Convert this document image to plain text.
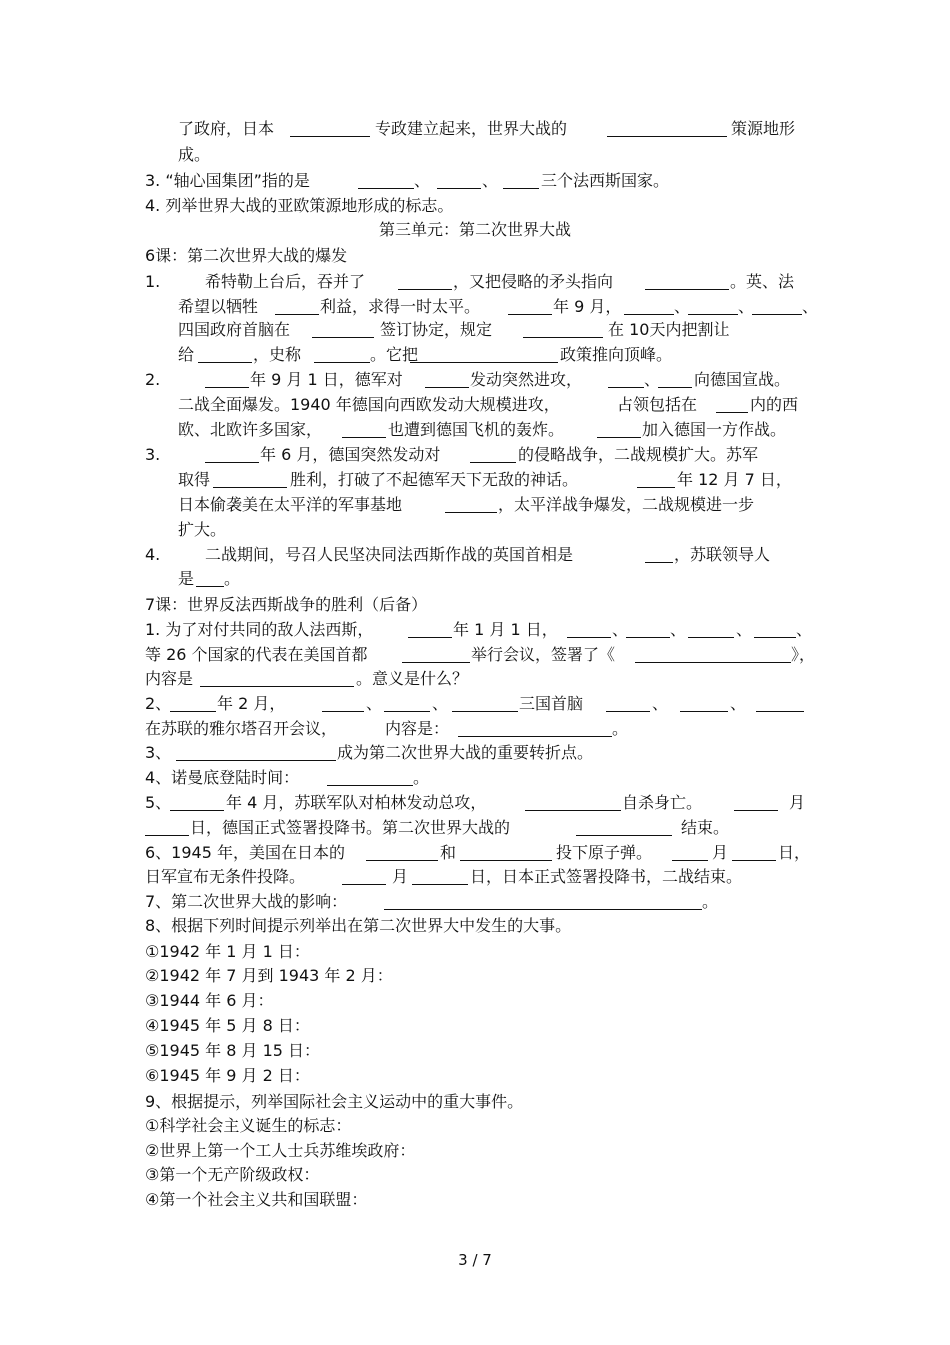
了政府，日本

	专政建立起来，世界大战的

	策源地形

成。

3. “轴心国集团”指的是

	、

	、

	三个法西斯国家。

4. 列举世界大战的亚欧策源地形成的标志。

第三单元：第二次世界大战

6课：第二次世界大战的爆发

1.

	希特勒上台后，吞并了

	，又把侵略的矛头指向

	。英、法

希望以牺牲

	利益，求得一时太平。

	年 9 月，

	、

	、

	、

四国政府首脑在

	签订协定，规定

	在 10天内把割让

给

	，史称

	。它把

	政策推向顶峰。

2.

	年 9 月 1 日，德军对

	发动突然进攻，

	、

向德国宣战。

二战全面爆发。1940 年德国向西欧发动大规模进攻，

	占领包括在

	内的西

欧、北欧许多国家，

	也遭到德国飞机的轰炸。

	加入德国一方作战。

3.

	年 6 月，德国突然发动对

	的侵略战争，二战规模扩大。苏军

取得

	胜利，打破了不起德军天下无敌的神话。

	年 12 月 7 日，

日本偷袭美在太平洋的军事基地

	，太平洋战争爆发，二战规模进一步

扩大。

4.

	二战期间，号召人民坚决同法西斯作战的英国首相是

	，苏联领导人

是

。

7课：世界反法西斯战争的胜利（后备）

1. 为了对付共同的敌人法西斯，

	年 1 月 1 日，

	、

	、

	、

	、

等 26 个国家的代表在美国首都

	举行会议，签署了《

	》，

内容是

	。意义是什么？

2、

	年 2 月，

	、

	、

	三国首脑

	、

	、

在苏联的雅尔塔召开会议，

	内容是：

	。

3、

	成为第二次世界大战的重要转折点。

4、诺曼底登陆时间：

	。

5、

	年 4 月，苏联军队对柏林发动总攻，

	自杀身亡。

	月

日，德国正式签署投降书。第二次世界大战的

	结束。

6、1945 年，美国在日本的

	和

	投下原子弹。

	月

	日，

日军宣布无条件投降。

	月

	日，日本正式签署投降书，二战结束。

7、第二次世界大战的影响：

	。

8、根据下列时间提示列举出在第二次世界大中发生的大事。

①1942 年 1 月 1 日：
②1942 年 7 月到 1943 年 2 月：
③1944 年 6 月：
④1945 年 5 月 8 日：
⑤1945 年 8 月 15 日：
⑥1945 年 9 月 2 日：

9、根据提示，列举国际社会主义运动中的重大事件。

①科学社会主义诞生的标志：
②世界上第一个工人士兵苏维埃政府：
③第一个无产阶级政权：
④第一个社会主义共和国联盟：
3 / 7
